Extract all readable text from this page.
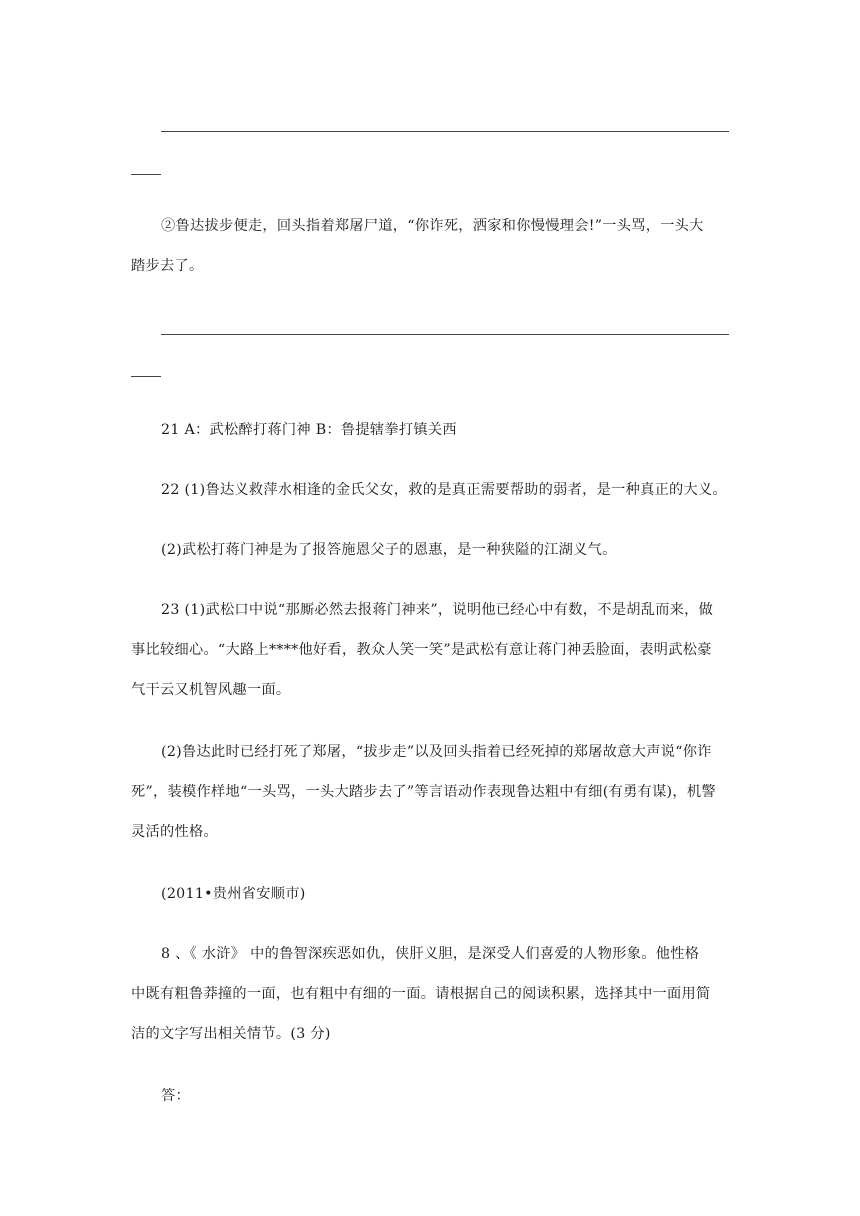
②鲁达拔步便走，回头指着郑屠尸道，“你诈死，洒家和你慢慢理会!”一头骂，一头大
踏步去了。
21 A：武松醉打蒋门神 B：鲁提辖拳打镇关西
22 (1)鲁达义救萍水相逢的金氏父女，救的是真正需要帮助的弱者，是一种真正的大义。
(2)武松打蒋门神是为了报答施恩父子的恩惠，是一种狭隘的江湖义气。
23 (1)武松口中说“那厮必然去报蒋门神来”，说明他已经心中有数，不是胡乱而来，做
事比较细心。“大路上****他好看，教众人笑一笑”是武松有意让蒋门神丢脸面，表明武松豪
气干云又机智风趣一面。
(2)鲁达此时已经打死了郑屠，“拔步走”以及回头指着已经死掉的郑屠故意大声说“你诈
死”，装模作样地“一头骂，一头大踏步去了”等言语动作表现鲁达粗中有细(有勇有谋)，机警
灵活的性格。
(2011•贵州省安顺市)
8 、《 水浒》 中的鲁智深疾恶如仇，侠肝义胆，是深受人们喜爱的人物形象。他性格
中既有粗鲁莽撞的一面，也有粗中有细的一面。请根据自己的阅读积累，选择其中一面用简
洁的文字写出相关情节。(3 分)
答：
